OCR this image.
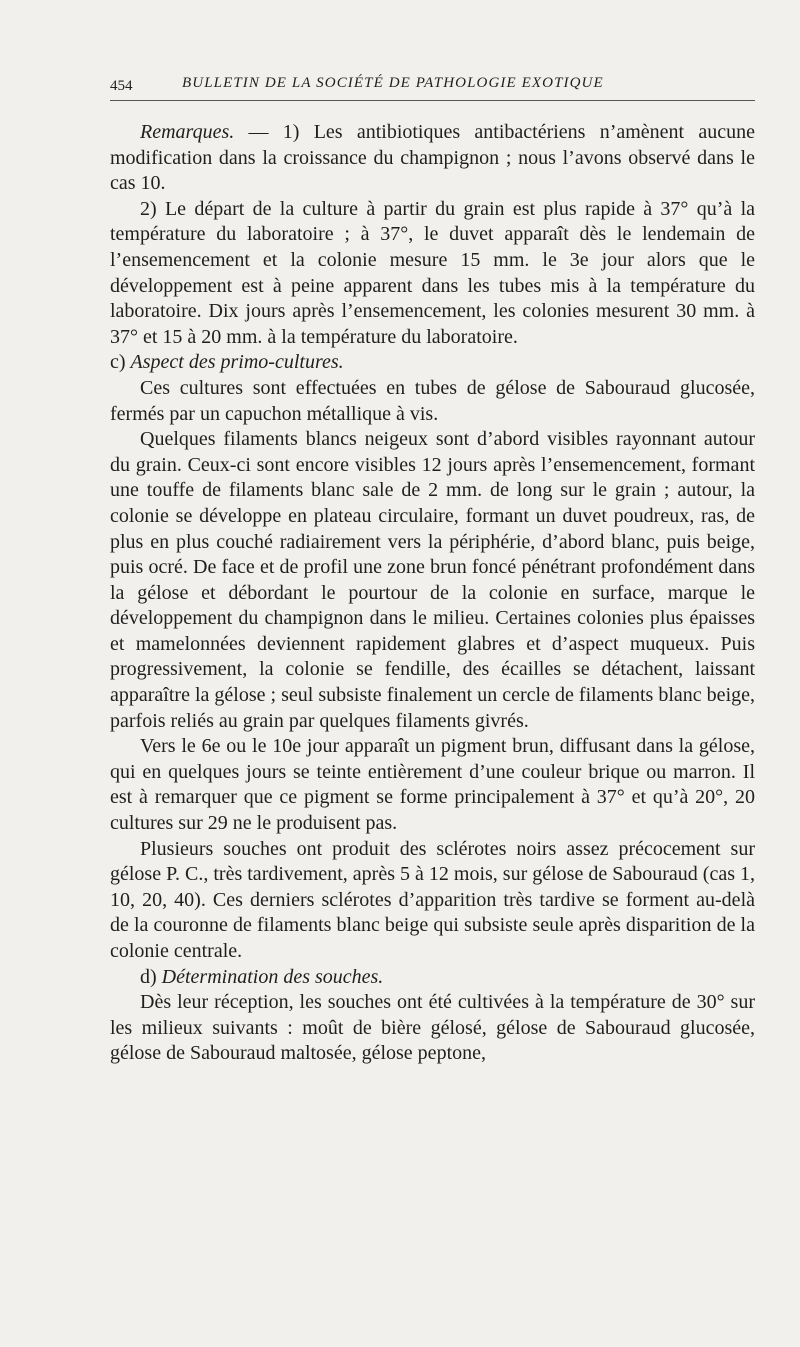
454	BULLETIN DE LA SOCIÉTÉ DE PATHOLOGIE EXOTIQUE

Remarques. — 1) Les antibiotiques antibactériens n’amènent aucune modification dans la croissance du champignon ; nous l’avons observé dans le cas 10.

2) Le départ de la culture à partir du grain est plus rapide à 37° qu’à la température du laboratoire ; à 37°, le duvet apparaît dès le lendemain de l’ensemencement et la colonie mesure 15 mm. le 3e jour alors que le développement est à peine apparent dans les tubes mis à la température du laboratoire. Dix jours après l’ensemencement, les colonies mesurent 30 mm. à 37° et 15 à 20 mm. à la température du laboratoire.

c) Aspect des primo-cultures.

Ces cultures sont effectuées en tubes de gélose de Sabouraud glucosée, fermés par un capuchon métallique à vis.

Quelques filaments blancs neigeux sont d’abord visibles rayonnant autour du grain. Ceux-ci sont encore visibles 12 jours après l’ensemencement, formant une touffe de filaments blanc sale de 2 mm. de long sur le grain ; autour, la colonie se développe en plateau circulaire, formant un duvet poudreux, ras, de plus en plus couché radiairement vers la périphérie, d’abord blanc, puis beige, puis ocré. De face et de profil une zone brun foncé pénétrant profondément dans la gélose et débordant le pourtour de la colonie en surface, marque le développement du champignon dans le milieu. Certaines colonies plus épaisses et mamelonnées deviennent rapidement glabres et d’aspect muqueux. Puis progressivement, la colonie se fendille, des écailles se détachent, laissant apparaître la gélose ; seul subsiste finalement un cercle de filaments blanc beige, parfois reliés au grain par quelques filaments givrés.

Vers le 6e ou le 10e jour apparaît un pigment brun, diffusant dans la gélose, qui en quelques jours se teinte entièrement d’une couleur brique ou marron. Il est à remarquer que ce pigment se forme principalement à 37° et qu’à 20°, 20 cultures sur 29 ne le produisent pas.

Plusieurs souches ont produit des sclérotes noirs assez précocement sur gélose P. C., très tardivement, après 5 à 12 mois, sur gélose de Sabouraud (cas 1, 10, 20, 40). Ces derniers sclérotes d’apparition très tardive se forment au-delà de la couronne de filaments blanc beige qui subsiste seule après disparition de la colonie centrale.

d) Détermination des souches.

Dès leur réception, les souches ont été cultivées à la température de 30° sur les milieux suivants : moût de bière gélosé, gélose de Sabouraud glucosée, gélose de Sabouraud maltosée, gélose peptone,
